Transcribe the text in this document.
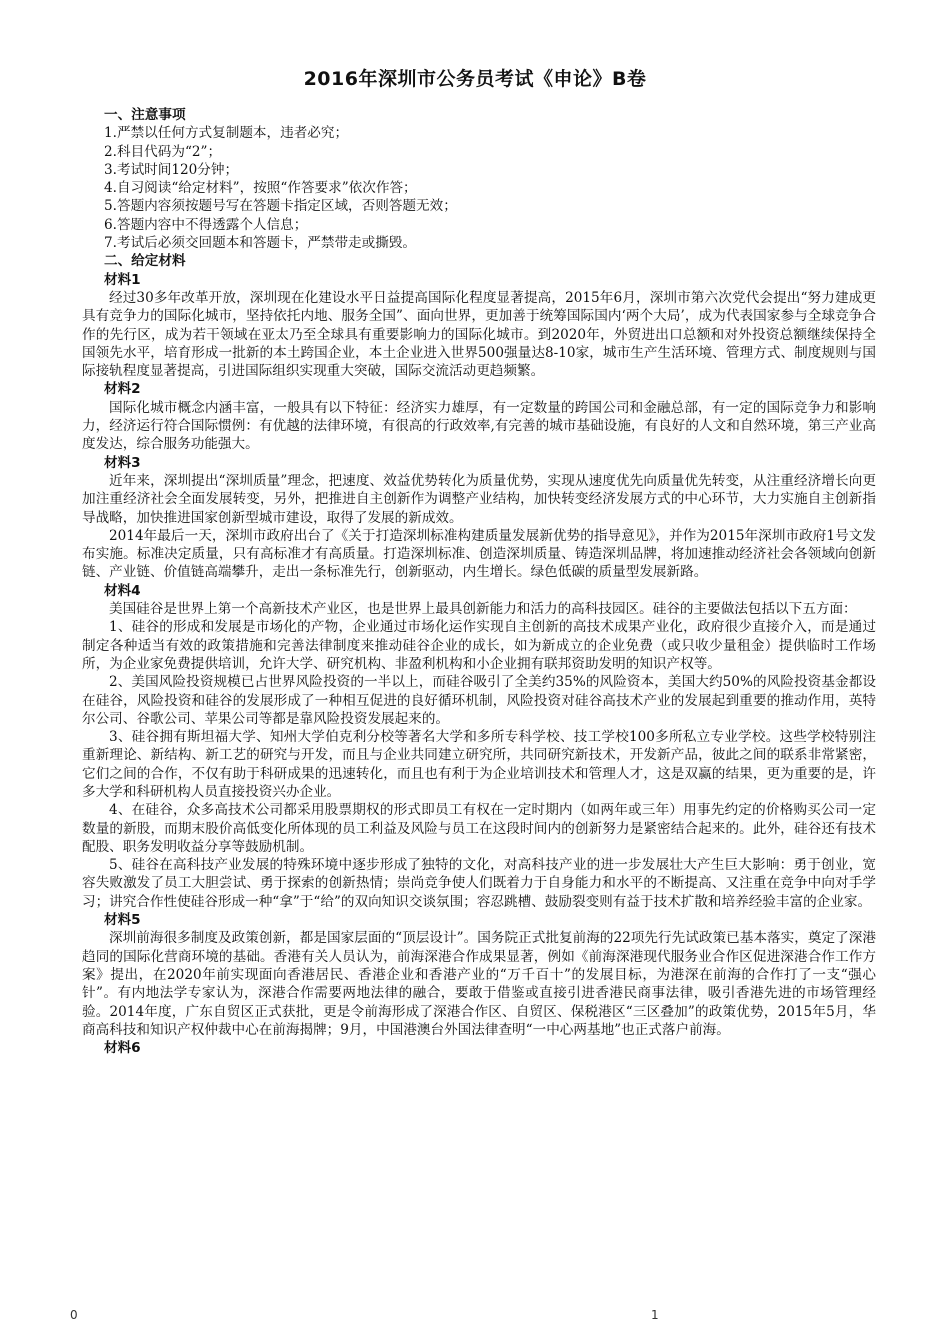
2016年深圳市公务员考试《申论》B卷

一、注意事项

1.严禁以任何方式复制题本，违者必究；

2.科目代码为“2”；

3.考试时间120分钟；

4.自习阅读“给定材料”，按照“作答要求”依次作答；

5.答题内容须按题号写在答题卡指定区域，否则答题无效；

6.答题内容中不得透露个人信息；

7.考试后必须交回题本和答题卡，严禁带走或撕毁。

二、给定材料

材料1

经过30多年改革开放，深圳现在化建设水平日益提高国际化程度显著提高，2015年6月，深圳市第六次党代会提出“努力建成更具有竞争力的国际化城市，坚持依托内地、服务全国”、面向世界，更加善于统筹国际国内‘两个大局’，成为代表国家参与全球竞争合作的先行区，成为若干领域在亚太乃至全球具有重要影响力的国际化城市。到2020年，外贸进出口总额和对外投资总额继续保持全国领先水平，培育形成一批新的本土跨国企业，本土企业进入世界500强量达8-10家，城市生产生活环境、管理方式、制度规则与国际接轨程度显著提高，引进国际组织实现重大突破，国际交流活动更趋频繁。

材料2

国际化城市概念内涵丰富，一般具有以下特征：经济实力雄厚，有一定数量的跨国公司和金融总部，有一定的国际竞争力和影响力，经济运行符合国际惯例：有优越的法律环境，有很高的行政效率,有完善的城市基础设施，有良好的人文和自然环境，第三产业高度发达，综合服务功能强大。

材料3

近年来，深圳提出“深圳质量”理念，把速度、效益优势转化为质量优势，实现从速度优先向质量优先转变，从注重经济增长向更加注重经济社会全面发展转变，另外，把推进自主创新作为调整产业结构，加快转变经济发展方式的中心环节，大力实施自主创新指导战略，加快推进国家创新型城市建设，取得了发展的新成效。

2014年最后一天，深圳市政府出台了《关于打造深圳标准构建质量发展新优势的指导意见》，并作为2015年深圳市政府1号文发布实施。标准决定质量，只有高标准才有高质量。打造深圳标准、创造深圳质量、铸造深圳品牌，将加速推动经济社会各领域向创新链、产业链、价值链高端攀升，走出一条标准先行，创新驱动，内生增长。绿色低碳的质量型发展新路。

材料4

美国硅谷是世界上第一个高新技术产业区，也是世界上最具创新能力和活力的高科技园区。硅谷的主要做法包括以下五方面：

1、硅谷的形成和发展是市场化的产物，企业通过市场化运作实现自主创新的高技术成果产业化，政府很少直接介入，而是通过制定各种适当有效的政策措施和完善法律制度来推动硅谷企业的成长，如为新成立的企业免费（或只收少量租金）提供临时工作场所，为企业家免费提供培训，允许大学、研究机构、非盈利机构和小企业拥有联邦资助发明的知识产权等。

2、美国风险投资规模已占世界风险投资的一半以上，而硅谷吸引了全美约35%的风险资本，美国大约50%的风险投资基金都设在硅谷，风险投资和硅谷的发展形成了一种相互促进的良好循环机制，风险投资对硅谷高技术产业的发展起到重要的推动作用，英特尔公司、谷歌公司、苹果公司等都是靠风险投资发展起来的。

3、硅谷拥有斯坦福大学、知州大学伯克利分校等著名大学和多所专科学校、技工学校100多所私立专业学校。这些学校特别注重新理论、新结构、新工艺的研究与开发，而且与企业共同建立研究所，共同研究新技术，开发新产品，彼此之间的联系非常紧密，它们之间的合作，不仅有助于科研成果的迅速转化，而且也有利于为企业培训技术和管理人才，这是双赢的结果，更为重要的是，许多大学和科研机构人员直接投资兴办企业。

4、在硅谷，众多高技术公司都采用股票期权的形式即员工有权在一定时期内（如两年或三年）用事先约定的价格购买公司一定数量的新股，而期末股价高低变化所体现的员工利益及风险与员工在这段时间内的创新努力是紧密结合起来的。此外，硅谷还有技术配股、职务发明收益分享等鼓励机制。

5、硅谷在高科技产业发展的特殊环境中逐步形成了独特的文化，对高科技产业的进一步发展壮大产生巨大影响：勇于创业，宽容失败激发了员工大胆尝试、勇于探索的创新热情；崇尚竞争使人们既着力于自身能力和水平的不断提高、又注重在竞争中向对手学习；讲究合作性使硅谷形成一种“拿”于“给”的双向知识交谈氛围；容忍跳槽、鼓励裂变则有益于技术扩散和培养经验丰富的企业家。

材料5

深圳前海很多制度及政策创新，都是国家层面的“顶层设计”。国务院正式批复前海的22项先行先试政策已基本落实，奠定了深港趋同的国际化营商环境的基础。香港有关人员认为，前海深港合作成果显著，例如《前海深港现代服务业合作区促进深港合作工作方案》提出，在2020年前实现面向香港居民、香港企业和香港产业的“万千百十”的发展目标，为港深在前海的合作打了一支“强心针”。有内地法学专家认为，深港合作需要两地法律的融合，要敢于借鉴或直接引进香港民商事法律，吸引香港先进的市场管理经验。2014年度，广东自贸区正式获批，更是令前海形成了深港合作区、自贸区、保税港区“三区叠加”的政策优势，2015年5月，华商高科技和知识产权仲裁中心在前海揭牌；9月，中国港澳台外国法律查明“一中心两基地”也正式落户前海。

材料6

0	1
